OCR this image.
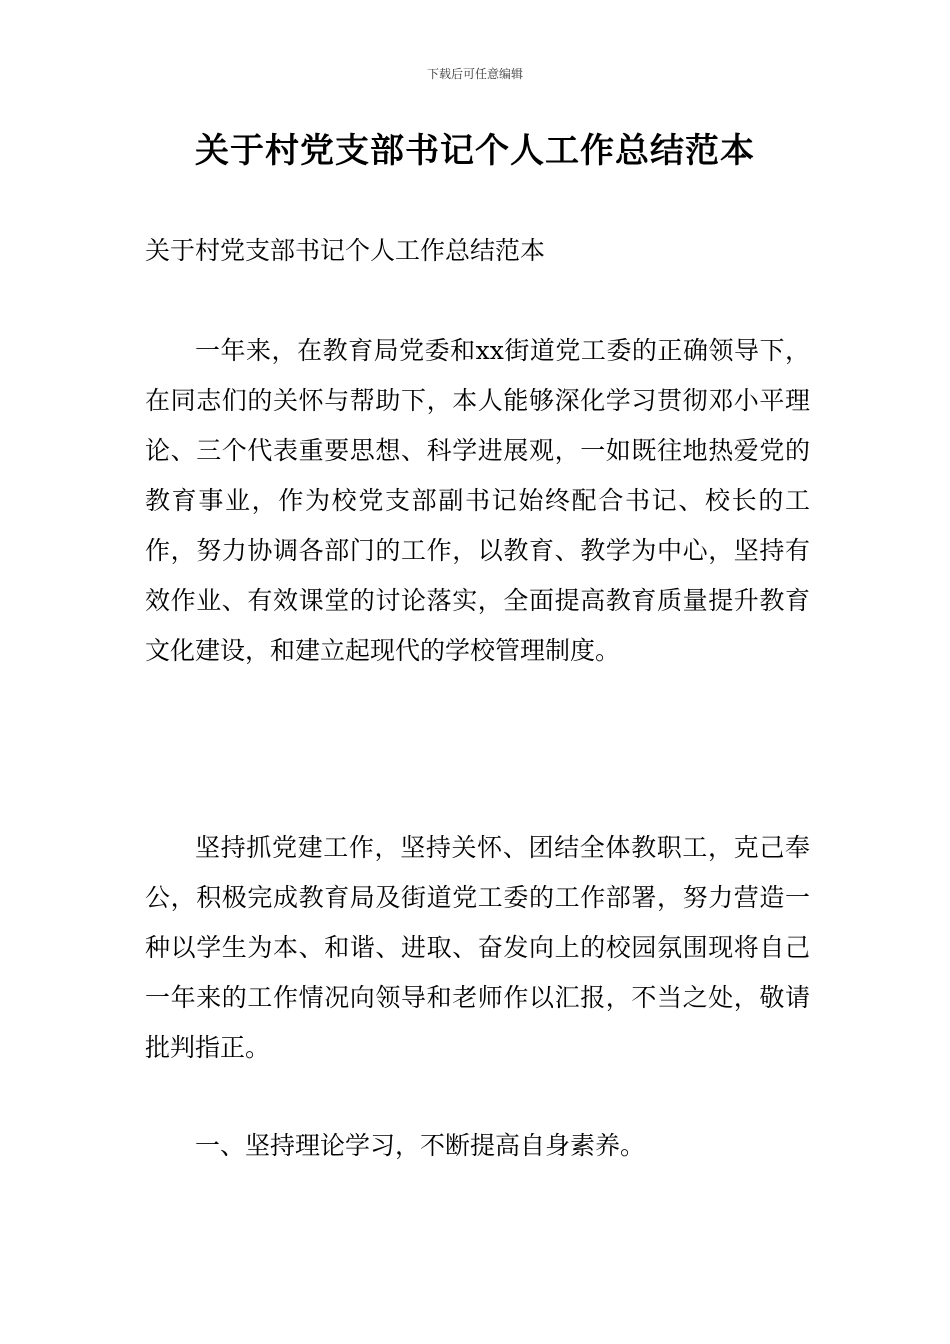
下载后可任意编辑
关于村党支部书记个人工作总结范本

关于村党支部书记个人工作总结范本

一年来，在教育局党委和xx街道党工委的正确领导下，在同志们的关怀与帮助下，本人能够深化学习贯彻邓小平理论、三个代表重要思想、科学进展观，一如既往地热爱党的教育事业，作为校党支部副书记始终配合书记、校长的工作，努力协调各部门的工作，以教育、教学为中心，坚持有效作业、有效课堂的讨论落实，全面提高教育质量提升教育文化建设，和建立起现代的学校管理制度。

坚持抓党建工作，坚持关怀、团结全体教职工，克己奉公，积极完成教育局及街道党工委的工作部署，努力营造一种以学生为本、和谐、进取、奋发向上的校园氛围现将自己一年来的工作情况向领导和老师作以汇报，不当之处，敬请批判指正。

一、坚持理论学习，不断提高自身素养。
